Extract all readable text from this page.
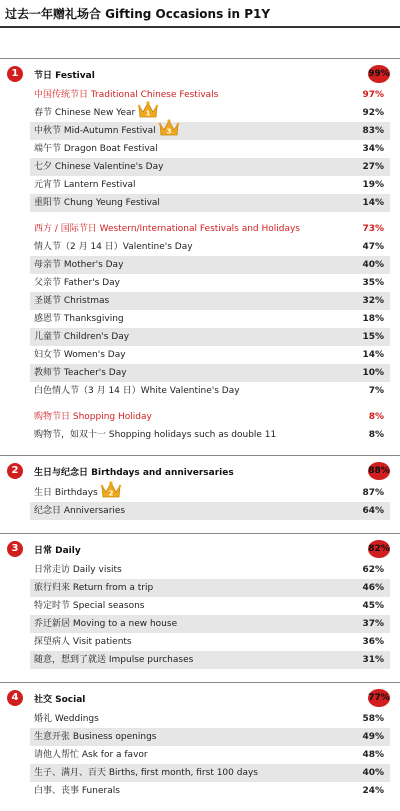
过去一年赠礼场合 Gifting Occasions in P1Y
1	节日 Festival	99%
中国传统节日 Traditional Chinese Festivals	97%
春节 Chinese New Year	92%
1
中秋节 Mid-Autumn Festival	83%
3
端午节 Dragon Boat Festival	34%
七夕 Chinese Valentine's Day	27%
元宵节 Lantern Festival	19%
重阳节 Chung Yeung Festival	14%
西方 / 国际节日 Western/International Festivals and Holidays	73%
情人节（2 月 14 日）Valentine's Day	47%
母亲节 Mother's Day	40%
父亲节 Father's Day	35%
圣诞节 Christmas	32%
感恩节 Thanksgiving	18%
儿童节 Children's Day	15%
妇女节 Women's Day	14%
教师节 Teacher's Day	10%
白色情人节（3 月 14 日）White Valentine's Day	7%
购物节日 Shopping Holiday	8%
购物节，如双十一 Shopping holidays such as double 11	8%
2	生日与纪念日 Birthdays and anniversaries	88%
生日 Birthdays	87%
2
纪念日 Anniversaries	64%
3	日常 Daily	82%
日常走访 Daily visits	62%
旅行归来 Return from a trip	46%
特定时节 Special seasons	45%
乔迁新居 Moving to a new house	37%
探望病人 Visit patients	36%
随意，想到了就送 Impulse purchases	31%
4	社交 Social	77%
婚礼 Weddings	58%
生意开张 Business openings	49%
请他人帮忙 Ask for a favor	48%
生子、满月、百天 Births, first month, first 100 days	40%
白事、丧事 Funerals	24%
